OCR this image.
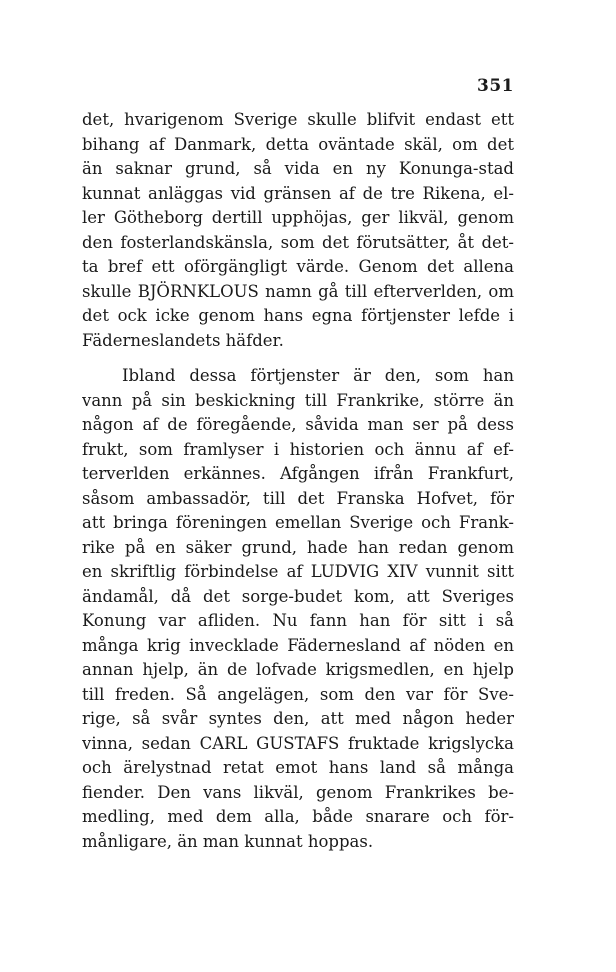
351
det, hvarigenom Sverige skulle blifvit endast ett
bihang af Danmark, detta oväntade skäl, om det
än saknar grund, så vida en ny Konunga-stad
kunnat anläggas vid gränsen af de tre Rikena, el-
ler Götheborg dertill upphöjas, ger likväl, genom
den fosterlandskänsla, som det förutsätter, åt det-
ta bref ett oförgängligt värde. Genom det allena
skulle BJÖRNKLOUS namn gå till efterverlden, om
det ock icke genom hans egna förtjenster lefde i
Fäderneslandets häfder.
Ibland dessa förtjenster är den, som han
vann på sin beskickning till Frankrike, större än
någon af de föregående, såvida man ser på dess
frukt, som framlyser i historien och ännu af ef-
terverlden erkännes. Afgången ifrån Frankfurt,
såsom ambassadör, till det Franska Hofvet, för
att bringa föreningen emellan Sverige och Frank-
rike på en säker grund, hade han redan genom
en skriftlig förbindelse af LUDVIG XIV vunnit sitt
ändamål, då det sorge-budet kom, att Sveriges
Konung var afliden. Nu fann han för sitt i så
många krig invecklade Fädernesland af nöden en
annan hjelp, än de lofvade krigsmedlen, en hjelp
till freden. Så angelägen, som den var för Sve-
rige, så svår syntes den, att med någon heder
vinna, sedan CARL GUSTAFS fruktade krigslycka
och ärelystnad retat emot hans land så många
fiender. Den vans likväl, genom Frankrikes be-
medling, med dem alla, både snarare och för-
månligare, än man kunnat hoppas.
